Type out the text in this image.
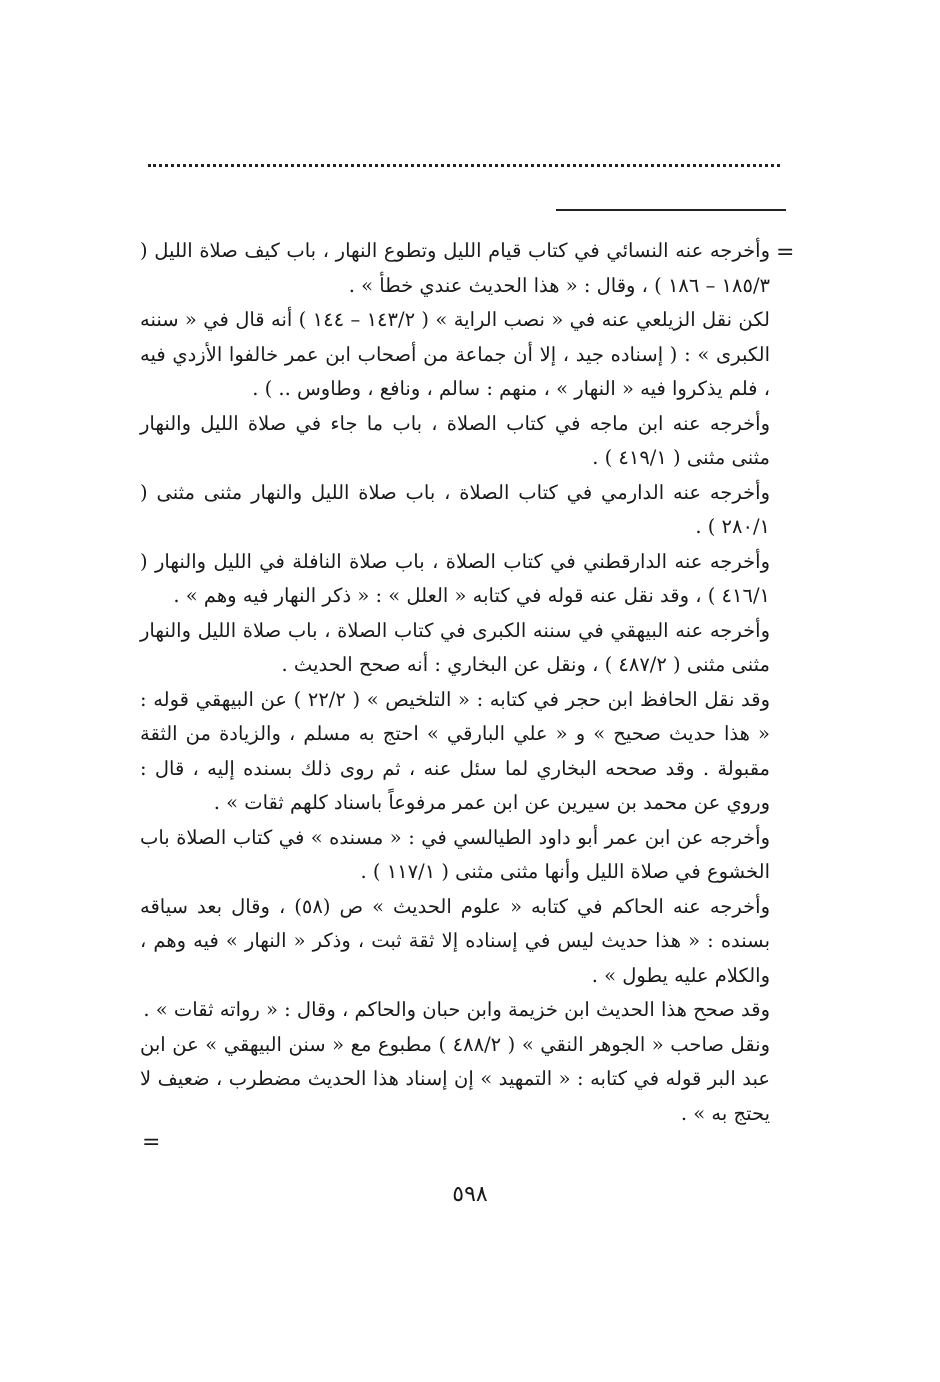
=

وأخرجه عنه النسائي في كتاب قيام الليل وتطوع النهار ، باب كيف صلاة الليل ( ١٨٥/٣ – ١٨٦ ) ، وقال : « هذا الحديث عندي خطأ » .

لكن نقل الزيلعي عنه في « نصب الراية » ( ١٤٣/٢ – ١٤٤ ) أنه قال في « سننه الكبرى » : ( إسناده جيد ، إلا أن جماعة من أصحاب ابن عمر خالفوا الأزدي فيه ، فلم يذكروا فيه « النهار » ، منهم : سالم ، ونافع ، وطاوس .. ) .

وأخرجه عنه ابن ماجه في كتاب الصلاة ، باب ما جاء في صلاة الليل والنهار مثنى مثنى ( ٤١٩/١ ) .

وأخرجه عنه الدارمي في كتاب الصلاة ، باب صلاة الليل والنهار مثنى مثنى ( ٢٨٠/١ ) .

وأخرجه عنه الدارقطني في كتاب الصلاة ، باب صلاة النافلة في الليل والنهار ( ٤١٦/١ ) ، وقد نقل عنه قوله في كتابه « العلل » : « ذكر النهار فيه وهم » .

وأخرجه عنه البيهقي في سننه الكبرى في كتاب الصلاة ، باب صلاة الليل والنهار مثنى مثنى ( ٤٨٧/٢ ) ، ونقل عن البخاري : أنه صحح الحديث .

وقد نقل الحافظ ابن حجر في كتابه : « التلخيص » ( ٢٢/٢ ) عن البيهقي قوله : « هذا حديث صحيح » و « علي البارقي » احتج به مسلم ، والزيادة من الثقة مقبولة . وقد صححه البخاري لما سئل عنه ، ثم روى ذلك بسنده إليه ، قال : وروي عن محمد بن سيرين عن ابن عمر مرفوعاً باسناد كلهم ثقات » .

وأخرجه عن ابن عمر أبو داود الطيالسي في : « مسنده » في كتاب الصلاة باب الخشوع في صلاة الليل وأنها مثنى مثنى ( ١١٧/١ ) .

وأخرجه عنه الحاكم في كتابه « علوم الحديث » ص (٥٨) ، وقال بعد سياقه بسنده : « هذا حديث ليس في إسناده إلا ثقة ثبت ، وذكر « النهار » فيه وهم ، والكلام عليه يطول » .

وقد صحح هذا الحديث ابن خزيمة وابن حبان والحاكم ، وقال : « رواته ثقات » .

ونقل صاحب « الجوهر النقي » ( ٤٨٨/٢ ) مطبوع مع « سنن البيهقي » عن ابن عبد البر قوله في كتابه : « التمهيد » إن إسناد هذا الحديث مضطرب ، ضعيف لا يحتج به » .

=
٥٩٨
